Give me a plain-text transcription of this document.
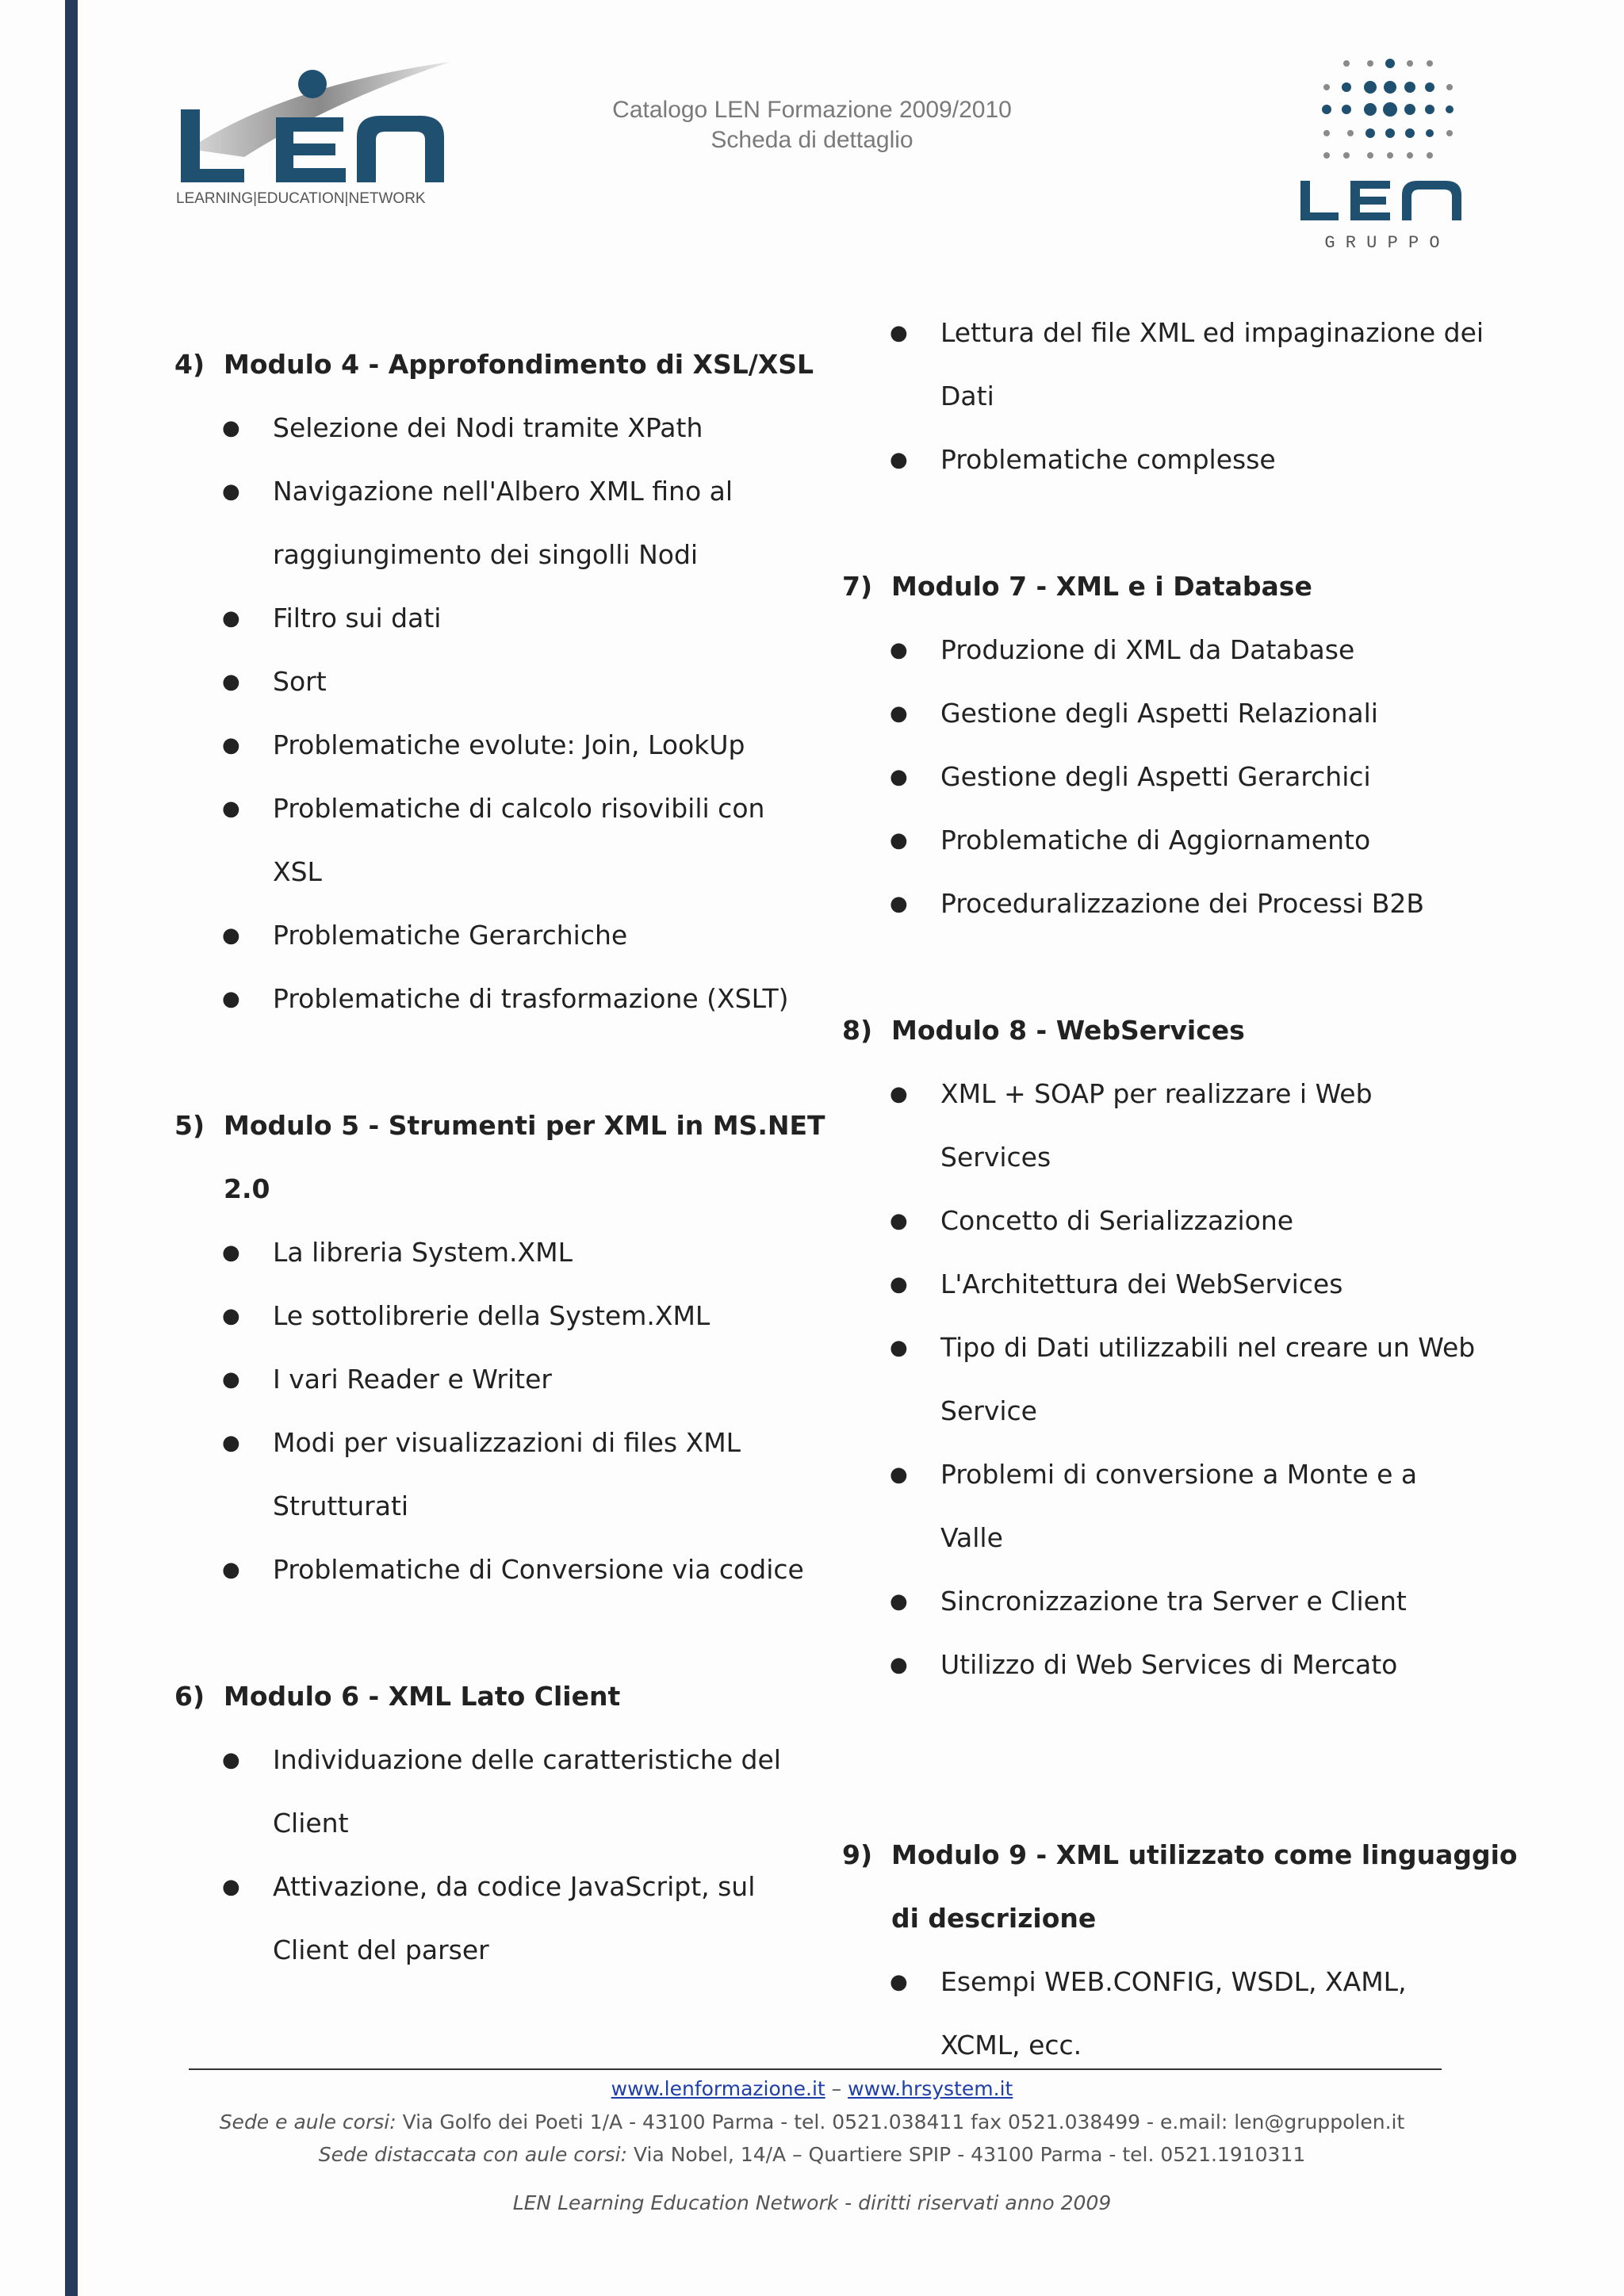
LEARNING|EDUCATION|NETWORK
G R U P P O
Catalogo LEN Formazione 2009/2010
Scheda di dettaglio
4) Modulo 4 - Approfondimento di XSL/XSL
● Selezione dei Nodi tramite XPath
● Navigazione nell'Albero XML fino al
raggiungimento dei singolli Nodi
● Filtro sui dati
● Sort
● Problematiche evolute: Join, LookUp
● Problematiche di calcolo risovibili con
XSL
● Problematiche Gerarchiche
● Problematiche di trasformazione (XSLT)
5) Modulo 5 - Strumenti per XML in MS.NET
2.0
● La libreria System.XML
● Le sottolibrerie della System.XML
● I vari Reader e Writer
● Modi per visualizzazioni di files XML
Strutturati
● Problematiche di Conversione via codice
6) Modulo 6 - XML Lato Client
● Individuazione delle caratteristiche del
Client
● Attivazione, da codice JavaScript, sul
Client del parser
● Lettura del file XML ed impaginazione dei
Dati
● Problematiche complesse
7) Modulo 7 - XML e i Database
● Produzione di XML da Database
● Gestione degli Aspetti Relazionali
● Gestione degli Aspetti Gerarchici
● Problematiche di Aggiornamento
● Proceduralizzazione dei Processi B2B
8) Modulo 8 - WebServices
● XML + SOAP per realizzare i Web
Services
● Concetto di Serializzazione
● L'Architettura dei WebServices
● Tipo di Dati utilizzabili nel creare un Web
Service
● Problemi di conversione a Monte e a
Valle
● Sincronizzazione tra Server e Client
● Utilizzo di Web Services di Mercato
9) Modulo 9 - XML utilizzato come linguaggio
di descrizione
● Esempi WEB.CONFIG, WSDL, XAML,
XCML, ecc.
www.lenformazione.it – www.hrsystem.it
Sede e aule corsi: Via Golfo dei Poeti 1/A - 43100 Parma - tel. 0521.038411 fax 0521.038499 - e.mail: len@gruppolen.it
Sede distaccata con aule corsi: Via Nobel, 14/A – Quartiere SPIP - 43100 Parma - tel. 0521.1910311
LEN Learning Education Network - diritti riservati anno 2009
